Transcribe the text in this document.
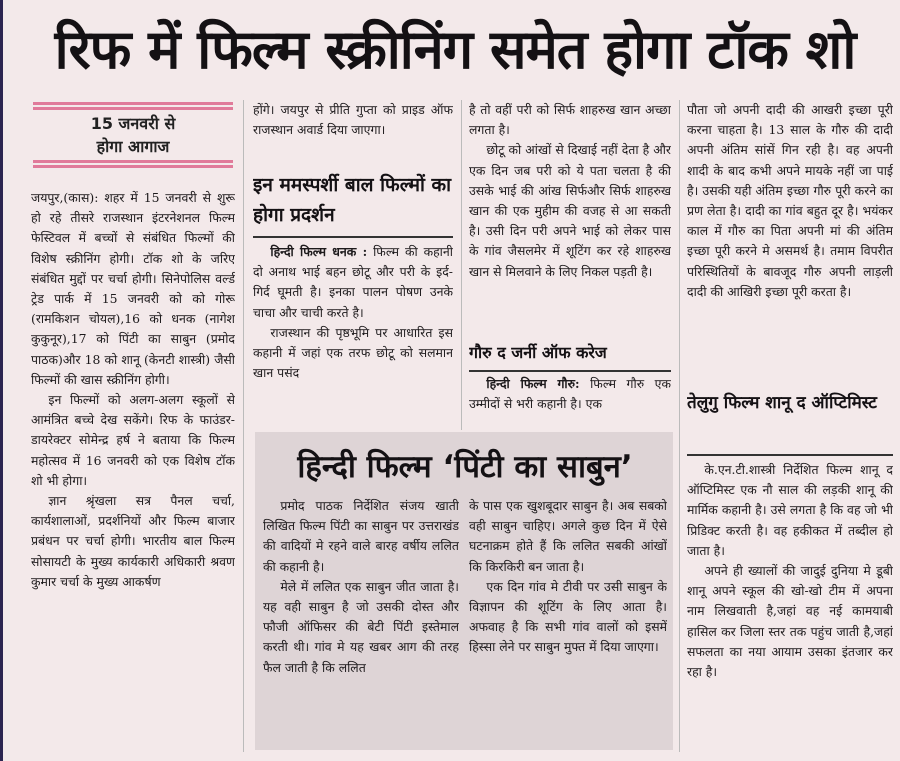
रिफ में फिल्म स्क्रीनिंग समेत होगा टॉक शो
15 जनवरी से
होगा आगाज

जयपुर,(कास): शहर में 15 जनवरी से शुरू हो रहे तीसरे राजस्थान इंटरनेशनल फिल्म फेस्टिवल में बच्चों से संबंधित फिल्मों की विशेष स्क्रीनिंग होगी। टॉक शो के जरिए संबंधित मुद्दों पर चर्चा होगी। सिनेपोलिस वर्ल्ड ट्रेड पार्क में 15 जनवरी को को गोरू (रामकिशन चोयल),16 को धनक (नागेश कुकुनूर),17 को पिंटी का साबुन (प्रमोद पाठक)और 18 को शानू (केनटी शास्त्री) जैसी फिल्मों की खास स्क्रीनिंग होगी।

इन फिल्मों को अलग-अलग स्कूलों से आमंत्रित बच्चे देख सकेंगे। रिफ के फाउंडर-डायरेक्टर सोमेन्द्र हर्ष ने बताया कि फिल्म महोत्सव में 16 जनवरी को एक विशेष टॉक शो भी होगा।

ज्ञान श्रृंखला सत्र पैनल चर्चा, कार्यशालाओं, प्रदर्शनियों और फिल्म बाजार प्रबंधन पर चर्चा होगी। भारतीय बाल फिल्म सोसायटी के मुख्य कार्यकारी अधिकारी श्रवण कुमार चर्चा के मुख्य आकर्षण

होंगे। जयपुर से प्रीति गुप्ता को प्राइड ऑफ राजस्थान अवार्ड दिया जाएगा।

इन ममस्पर्शी बाल फिल्मों का होगा प्रदर्शन

हिन्दी फिल्म धनक : फिल्म की कहानी दो अनाथ भाई बहन छोटू और परी के इर्द-गिर्द घूमती है। इनका पालन पोषण उनके चाचा और चाची करते है।

राजस्थान की पृष्ठभूमि पर आधारित इस कहानी में जहां एक तरफ छोटू को सलमान खान पसंद

है तो वहीं परी को सिर्फ शाहरुख खान अच्छा लगता है।

छोटू को आंखों से दिखाई नहीं देता है और एक दिन जब परी को ये पता चलता है की उसके भाई की आंख सिर्फऔर सिर्फ शाहरुख खान की एक मुहीम की वजह से आ सकती है। उसी दिन परी अपने भाई को लेकर पास के गांव जैसलमेर में शूटिंग कर रहे शाहरुख खान से मिलवाने के लिए निकल पड़ती है।

गौरु द जर्नी ऑफ करेज

हिन्दी फिल्म गौरु: फिल्म गौरु एक उम्मीदों से भरी कहानी है। एक

पौता जो अपनी दादी की आखरी इच्छा पूरी करना चाहता है। 13 साल के गौरु की दादी अपनी अंतिम सांसें गिन रही है। वह अपनी शादी के बाद कभी अपने मायके नहीं जा पाई है। उसकी यही अंतिम इच्छा गौरु पूरी करने का प्रण लेता है। दादी का गांव बहुत दूर है। भयंकर काल में गौरु का पिता अपनी मां की अंतिम इच्छा पूरी करने मे असमर्थ है। तमाम विपरीत परिस्थितियों के बावजूद गौरु अपनी लाड़ली दादी की आखिरी इच्छा पूरी करता है।

तेलुगु फिल्म शानू द ऑप्टिमिस्ट

के.एन.टी.शास्त्री निर्देशित फिल्म शानू द ऑप्टिमिस्ट एक नौ साल की लड़की शानू की मार्मिक कहानी है। उसे लगता है कि वह जो भी प्रिडिक्ट करती है। वह हकीकत में तब्दील हो जाता है।

अपने ही ख्यालों की जादुई दुनिया मे डूबी शानू अपने स्कूल की खो-खो टीम में अपना नाम लिखवाती है,जहां वह नई कामयाबी हासिल कर जिला स्तर तक पहुंच जाती है,जहां सफलता का नया आयाम उसका इंतजार कर रहा है।

हिन्दी फिल्म ‘पिंटी का साबुन’

प्रमोद पाठक निर्देशित संजय खाती लिखित फिल्म पिंटी का साबुन पर उत्तराखंड की वादियों मे रहने वाले बारह वर्षीय ललित की कहानी है।

मेले में ललित एक साबुन जीत जाता है। यह वही साबुन है जो उसकी दोस्त और फौजी ऑफिसर की बेटी पिंटी इस्तेमाल करती थी। गांव मे यह खबर आग की तरह फैल जाती है कि ललित

के पास एक खुशबूदार साबुन है। अब सबको वही साबुन चाहिए। अगले कुछ दिन में ऐसे घटनाक्रम होते हैं कि ललित सबकी आंखों कि किरकिरी बन जाता है।

एक दिन गांव मे टीवी पर उसी साबुन के विज्ञापन की शूटिंग के लिए आता है। अफवाह है कि सभी गांव वालों को इसमें हिस्सा लेने पर साबुन मुफ्त में दिया जाएगा।
